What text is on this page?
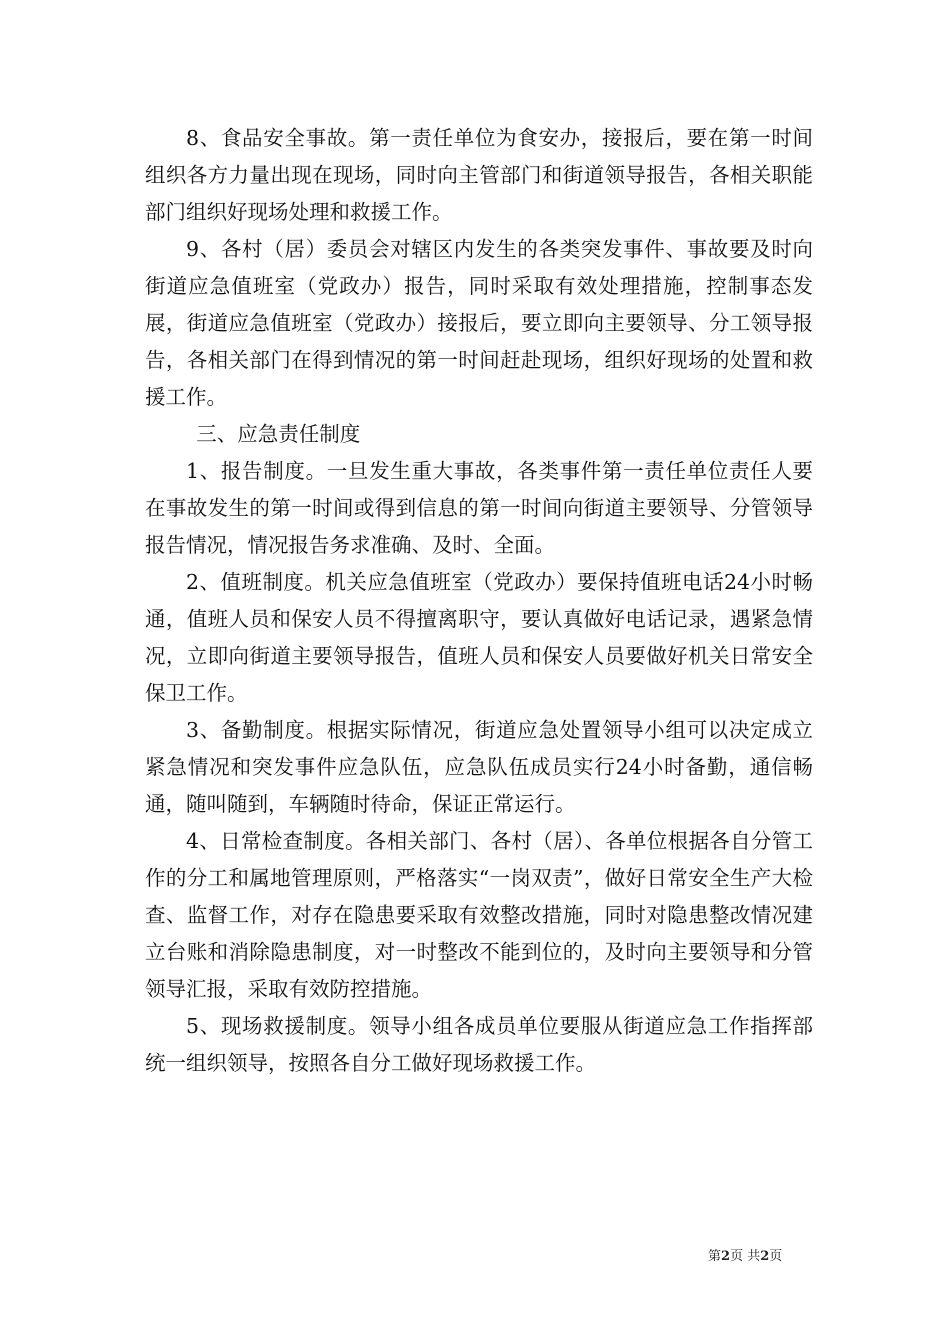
8、食品安全事故。第一责任单位为食安办，接报后，要在第一时间组织各方力量出现在现场，同时向主管部门和街道领导报告，各相关职能部门组织好现场处理和救援工作。

9、各村（居）委员会对辖区内发生的各类突发事件、事故要及时向街道应急值班室（党政办）报告，同时采取有效处理措施，控制事态发展，街道应急值班室（党政办）接报后，要立即向主要领导、分工领导报告，各相关部门在得到情况的第一时间赶赴现场，组织好现场的处置和救援工作。

三、应急责任制度

1、报告制度。一旦发生重大事故，各类事件第一责任单位责任人要在事故发生的第一时间或得到信息的第一时间向街道主要领导、分管领导报告情况，情况报告务求准确、及时、全面。

2、值班制度。机关应急值班室（党政办）要保持值班电话24小时畅通，值班人员和保安人员不得擅离职守，要认真做好电话记录，遇紧急情况，立即向街道主要领导报告，值班人员和保安人员要做好机关日常安全保卫工作。

3、备勤制度。根据实际情况，街道应急处置领导小组可以决定成立紧急情况和突发事件应急队伍，应急队伍成员实行24小时备勤，通信畅通，随叫随到，车辆随时待命，保证正常运行。

4、日常检查制度。各相关部门、各村（居）、各单位根据各自分管工作的分工和属地管理原则，严格落实“一岗双责”，做好日常安全生产大检查、监督工作，对存在隐患要采取有效整改措施，同时对隐患整改情况建立台账和消除隐患制度，对一时整改不能到位的，及时向主要领导和分管领导汇报，采取有效防控措施。

5、现场救援制度。领导小组各成员单位要服从街道应急工作指挥部统一组织领导，按照各自分工做好现场救援工作。

第2页 共2页
